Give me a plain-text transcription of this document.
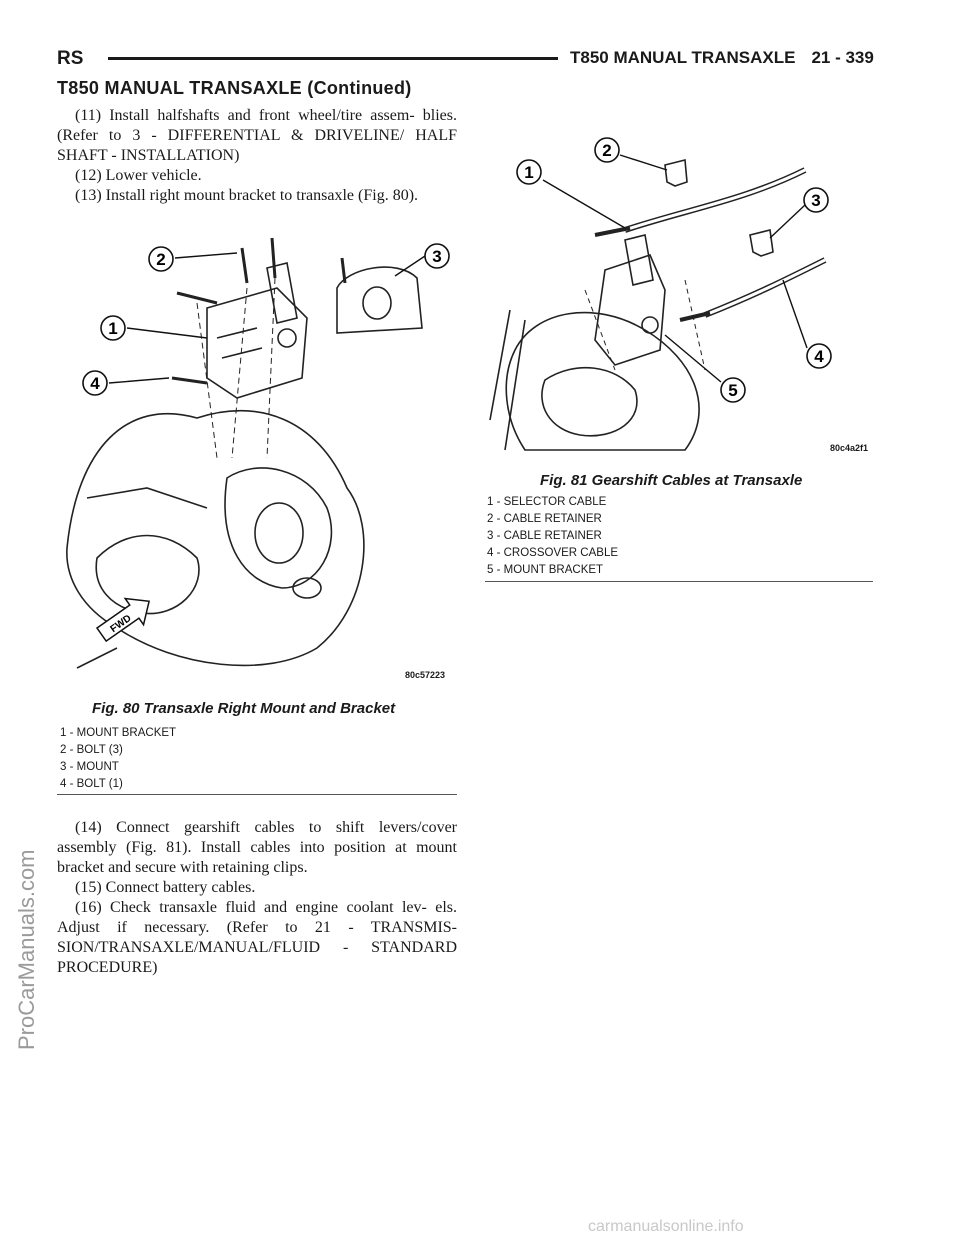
RS	T850 MANUAL TRANSAXLE 21 - 339
T850 MANUAL TRANSAXLE (Continued)

(11) Install halfshafts and front wheel/tire assem- blies. (Refer to 3 - DIFFERENTIAL & DRIVELINE/ HALF SHAFT - INSTALLATION)

(12) Lower vehicle.

(13) Install right mount bracket to transaxle (Fig. 80).

2	3
1
4
FWD
80c57223
Fig. 80 Transaxle Right Mount and Bracket
1 - MOUNT BRACKET
2 - BOLT (3)
3 - MOUNT
4 - BOLT (1)

(14) Connect gearshift cables to shift levers/cover assembly (Fig. 81). Install cables into position at mount bracket and secure with retaining clips.

(15) Connect battery cables.

(16) Check transaxle fluid and engine coolant lev- els. Adjust if necessary. (Refer to 21 - TRANSMIS- SION/TRANSAXLE/MANUAL/FLUID - STANDARD PROCEDURE)

1
2
3
4
5
80c4a2f1
Fig. 81 Gearshift Cables at Transaxle
1 - SELECTOR CABLE
2 - CABLE RETAINER
3 - CABLE RETAINER
4 - CROSSOVER CABLE
5 - MOUNT BRACKET
ProCarManuals.com
carmanualsonline.info
